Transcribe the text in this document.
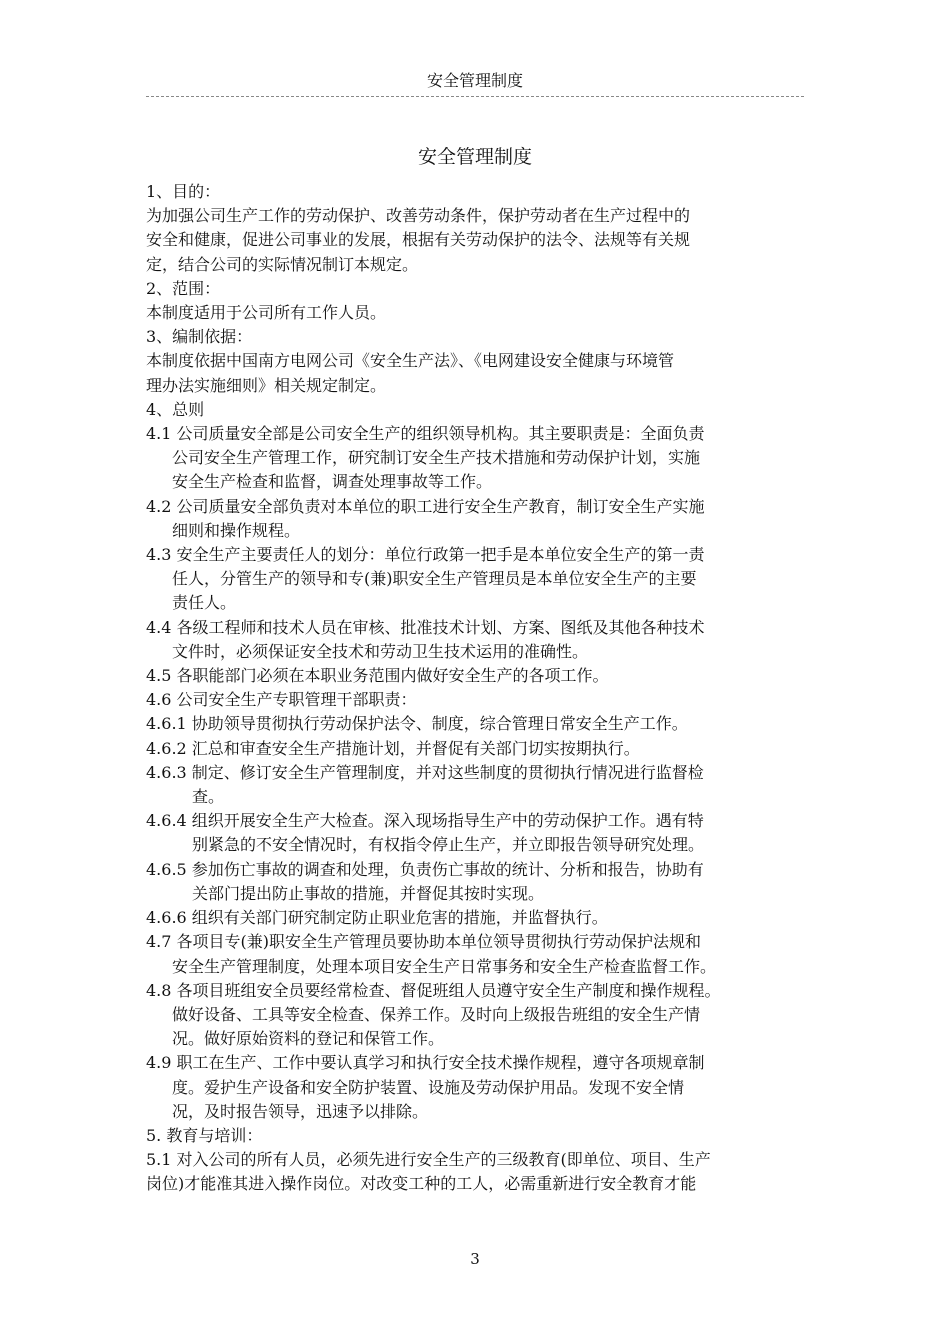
安全管理制度
安全管理制度
1、目的：
为加强公司生产工作的劳动保护、改善劳动条件，保护劳动者在生产过程中的
安全和健康，促进公司事业的发展，根据有关劳动保护的法令、法规等有关规
定，结合公司的实际情况制订本规定。
2、范围：
本制度适用于公司所有工作人员。
3、编制依据：
本制度依据中国南方电网公司《安全生产法》、《电网建设安全健康与环境管
理办法实施细则》相关规定制定。
4、总则
4.1 公司质量安全部是公司安全生产的组织领导机构。其主要职责是：全面负责
公司安全生产管理工作，研究制订安全生产技术措施和劳动保护计划，实施
安全生产检查和监督，调查处理事故等工作。
4.2 公司质量安全部负责对本单位的职工进行安全生产教育，制订安全生产实施
细则和操作规程。
4.3 安全生产主要责任人的划分：单位行政第一把手是本单位安全生产的第一责
任人，分管生产的领导和专(兼)职安全生产管理员是本单位安全生产的主要
责任人。
4.4 各级工程师和技术人员在审核、批准技术计划、方案、图纸及其他各种技术
文件时，必须保证安全技术和劳动卫生技术运用的准确性。
4.5 各职能部门必须在本职业务范围内做好安全生产的各项工作。
4.6 公司安全生产专职管理干部职责：
4.6.1 协助领导贯彻执行劳动保护法令、制度，综合管理日常安全生产工作。
4.6.2 汇总和审查安全生产措施计划，并督促有关部门切实按期执行。
4.6.3 制定、修订安全生产管理制度，并对这些制度的贯彻执行情况进行监督检
查。
4.6.4 组织开展安全生产大检查。深入现场指导生产中的劳动保护工作。遇有特
别紧急的不安全情况时，有权指令停止生产，并立即报告领导研究处理。
4.6.5 参加伤亡事故的调查和处理，负责伤亡事故的统计、分析和报告，协助有
关部门提出防止事故的措施，并督促其按时实现。
4.6.6 组织有关部门研究制定防止职业危害的措施，并监督执行。
4.7 各项目专(兼)职安全生产管理员要协助本单位领导贯彻执行劳动保护法规和
安全生产管理制度，处理本项目安全生产日常事务和安全生产检查监督工作。
4.8 各项目班组安全员要经常检查、督促班组人员遵守安全生产制度和操作规程。
做好设备、工具等安全检查、保养工作。及时向上级报告班组的安全生产情
况。做好原始资料的登记和保管工作。
4.9 职工在生产、工作中要认真学习和执行安全技术操作规程，遵守各项规章制
度。爱护生产设备和安全防护装置、设施及劳动保护用品。发现不安全情
况，及时报告领导，迅速予以排除。
5. 教育与培训：
5.1 对入公司的所有人员，必须先进行安全生产的三级教育(即单位、项目、生产
岗位)才能准其进入操作岗位。对改变工种的工人，必需重新进行安全教育才能
3
